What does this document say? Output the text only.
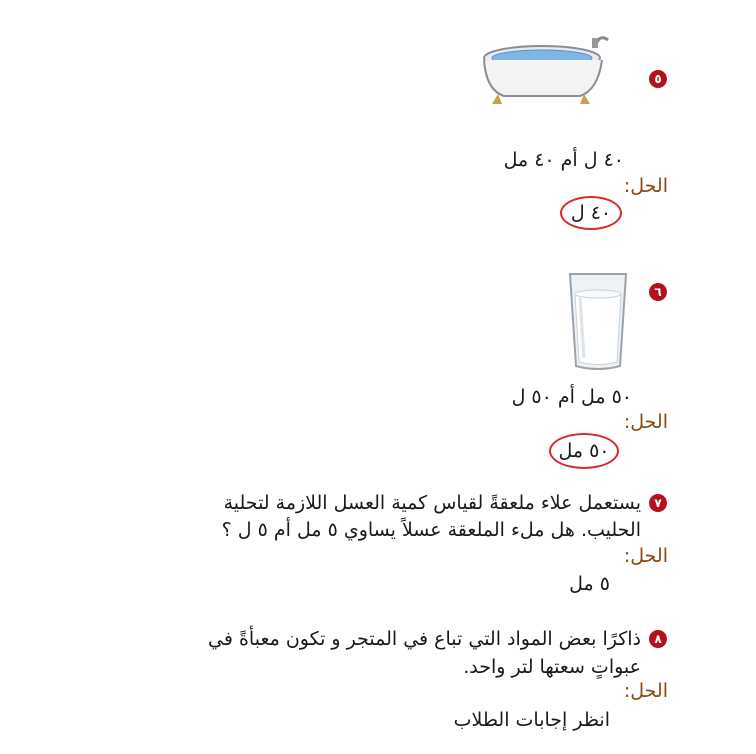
٥
٤٠ ل أم ٤٠ مل
الحل:
٤٠ ل
٦
٥٠ مل أم ٥٠ ل
الحل:
٥٠ مل
٧
يستعمل علاء ملعقةً لقياس كمية العسل اللازمة لتحلية
الحليب. هل ملء الملعقة عسلاً يساوي ٥ مل أم ٥ ل ؟
الحل:
٥ مل
٨
ذاكرًا بعض المواد التي تباع في المتجر و تكون معبأةً في
عبواتٍ سعتها لتر واحد.
الحل:
انظر إجابات الطلاب
